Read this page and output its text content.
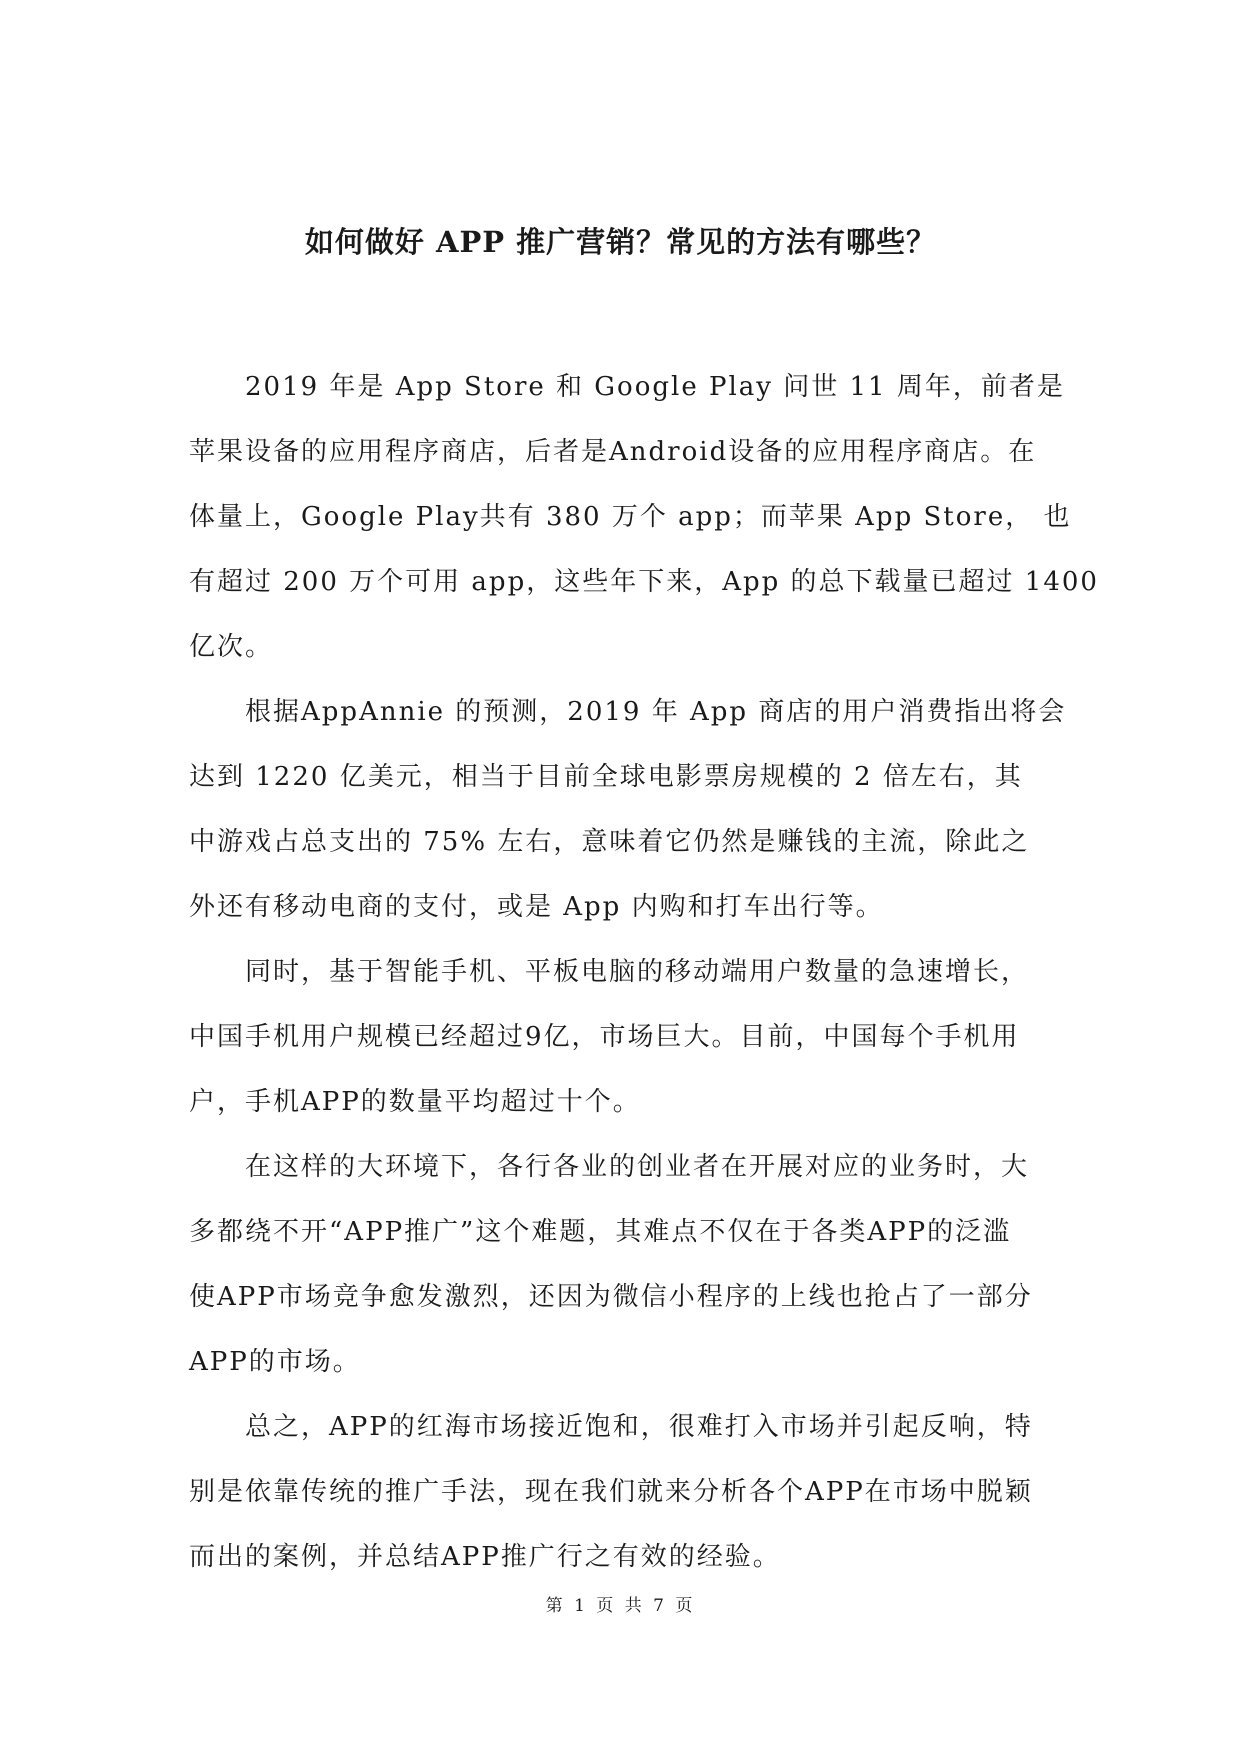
如何做好 APP 推广营销？常见的方法有哪些？
　　2019 年是 App Store 和 Google Play 问世 11 周年，前者是
苹果设备的应用程序商店，后者是Android设备的应用程序商店。在
体量上，Google Play共有 380 万个 app；而苹果 App Store， 也
有超过 200 万个可用 app，这些年下来，App 的总下载量已超过 1400
亿次。
　　根据AppAnnie 的预测，2019 年 App 商店的用户消费指出将会
达到 1220 亿美元，相当于目前全球电影票房规模的 2 倍左右，其
中游戏占总支出的 75% 左右，意味着它仍然是赚钱的主流，除此之
外还有移动电商的支付，或是 App 内购和打车出行等。
　　同时，基于智能手机、平板电脑的移动端用户数量的急速增长，
中国手机用户规模已经超过9亿，市场巨大。目前，中国每个手机用
户，手机APP的数量平均超过十个。
　　在这样的大环境下，各行各业的创业者在开展对应的业务时，大
多都绕不开“APP推广”这个难题，其难点不仅在于各类APP的泛滥
使APP市场竞争愈发激烈，还因为微信小程序的上线也抢占了一部分
APP的市场。
　　总之，APP的红海市场接近饱和，很难打入市场并引起反响，特
别是依靠传统的推广手法，现在我们就来分析各个APP在市场中脱颖
而出的案例，并总结APP推广行之有效的经验。
第 1 页 共 7 页
